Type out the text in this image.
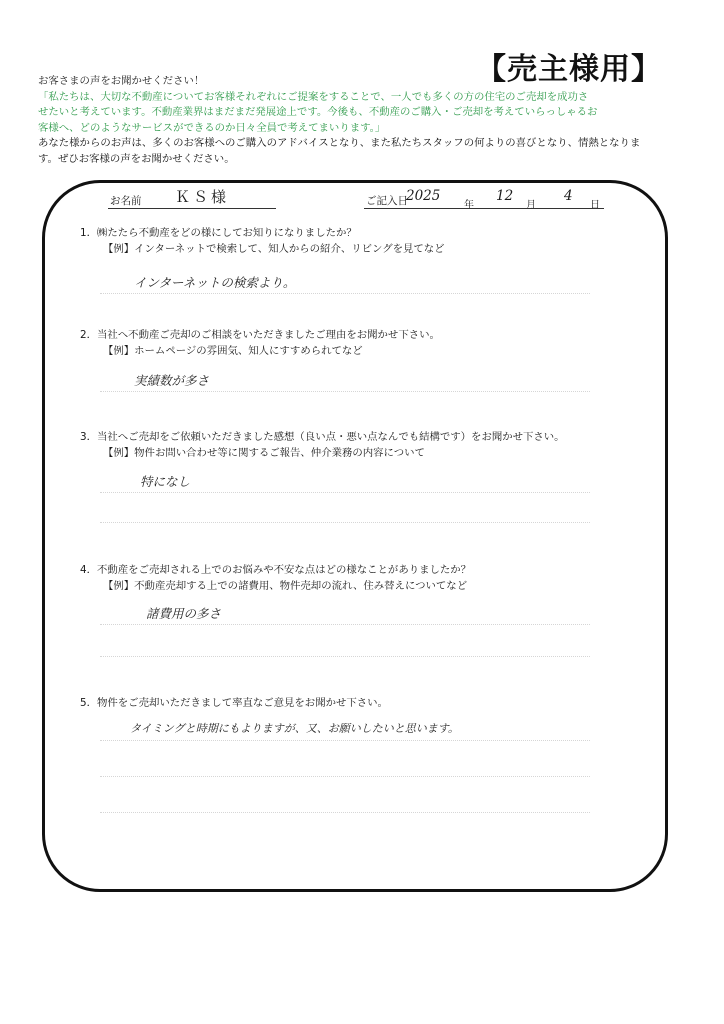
【売主様用】
お客さまの声をお聞かせください！
「私たちは、大切な不動産についてお客様それぞれにご提案をすることで、一人でも多くの方の住宅のご売却を成功さ
せたいと考えています。不動産業界はまだまだ発展途上です。今後も、不動産のご購入・ご売却を考えていらっしゃるお
客様へ、どのようなサービスができるのか日々全員で考えてまいります。」
あなた様からのお声は、多くのお客様へのご購入のアドバイスとなり、また私たちスタッフの何よりの喜びとなり、情熱となりま
す。ぜひお客様の声をお聞かせください。
お名前 ＫＳ様	ご記入日
2025
年
12
月
4
日
1．㈱たたら不動産をどの様にしてお知りになりましたか？
【例】インターネットで検索して、知人からの紹介、リビングを見てなど
インターネットの検索より。
2．当社へ不動産ご売却のご相談をいただきましたご理由をお聞かせ下さい。
【例】ホームページの雰囲気、知人にすすめられてなど
実績数が多さ
3．当社へご売却をご依頼いただきました感想（良い点・悪い点なんでも結構です）をお聞かせ下さい。
【例】物件お問い合わせ等に関するご報告、仲介業務の内容について
特になし
4．不動産をご売却される上でのお悩みや不安な点はどの様なことがありましたか？
【例】不動産売却する上での諸費用、物件売却の流れ、住み替えについてなど
諸費用の多さ
5．物件をご売却いただきまして率直なご意見をお聞かせ下さい。
タイミングと時期にもよりますが、又、お願いしたいと思います。
